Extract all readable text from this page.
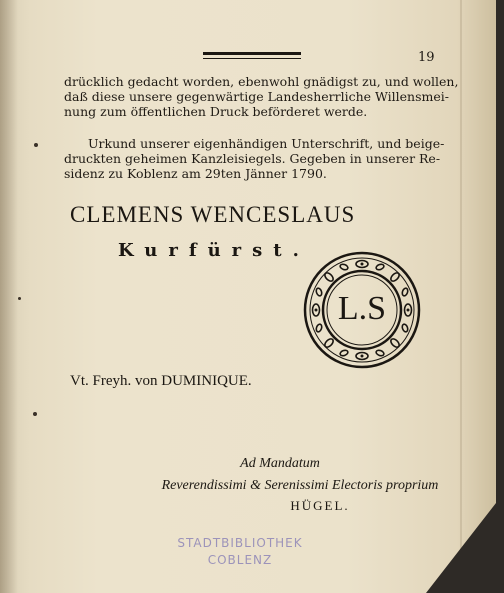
19

drücklich gedacht worden, ebenwohl gnädigst zu, und wollen,
daß diese unsere gegenwärtige Landesherrliche Willensmei-
nung zum öffentlichen Druck beförderet werde.

Urkund unserer eigenhändigen Unterschrift, und beige-
druckten geheimen Kanzleisiegels. Gegeben in unserer Re-
sidenz zu Koblenz am 29ten Jänner 1790.

CLEMENS WENCESLAUS
Kurfürst.
L.S
Vt. Freyh. von DUMINIQUE.
Ad Mandatum
Reverendissimi & Serenissimi Electoris proprium
HÜGEL.
STADTBIBLIOTHEK
COBLENZ
